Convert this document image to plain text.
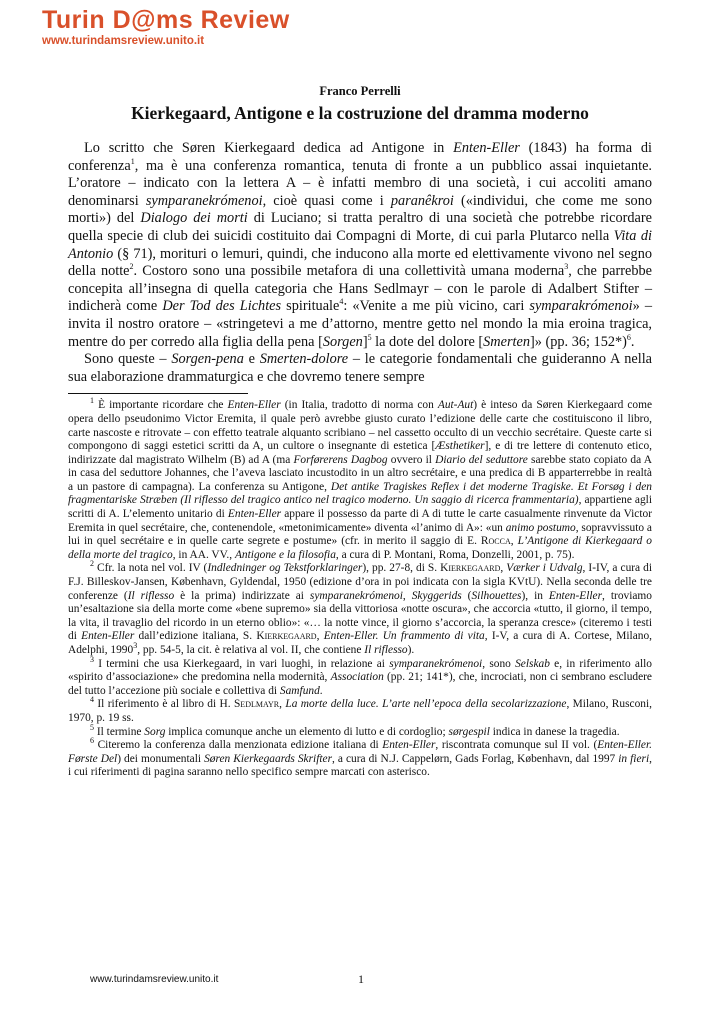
Turin D@ms Review
www.turindamsreview.unito.it
Franco Perrelli
Kierkegaard, Antigone e la costruzione del dramma moderno

Lo scritto che Søren Kierkegaard dedica ad Antigone in Enten-Eller (1843) ha forma di conferenza$^1$, ma è una conferenza romantica, tenuta di fronte a un pubblico assai inquietante. L’oratore – indicato con la lettera A – è infatti membro di una società, i cui accoliti amano denominarsi symparanekrómenoi, cioè quasi come i paranêkroi («individui, che come me sono morti») del Dialogo dei morti di Luciano; si tratta peraltro di una società che potrebbe ricordare quella specie di club dei suicidi costituito dai Compagni di Morte, di cui parla Plutarco nella Vita di Antonio (§ 71), morituri o lemuri, quindi, che inducono alla morte ed elettivamente vivono nel segno della notte$^2$. Costoro sono una possibile metafora di una collettività umana moderna$^3$, che parrebbe concepita all’insegna di quella categoria che Hans Sedlmayr – con le parole di Adalbert Stifter – indicherà come Der Tod des Lichtes spirituale$^4$: «Venite a me più vicino, cari symparakrómenoi» – invita il nostro oratore – «stringetevi a me d’attorno, mentre getto nel mondo la mia eroina tragica, mentre do per corredo alla figlia della pena [Sorgen]$^5$ la dote del dolore [Smerten]» (pp. 36; 152*)$^6$.

Sono queste – Sorgen-pena e Smerten-dolore – le categorie fondamentali che guideranno A nella sua elaborazione drammaturgica e che dovremo tenere sempre

$^1$ È importante ricordare che Enten-Eller (in Italia, tradotto di norma con Aut-Aut) è inteso da Søren Kierkegaard come opera dello pseudonimo Victor Eremita, il quale però avrebbe giusto curato l’edizione delle carte che costituiscono il libro, carte nascoste e ritrovate – con effetto teatrale alquanto scribiano – nel cassetto occulto di un vecchio secrétaire. Queste carte si compongono di saggi estetici scritti da A, un cultore o insegnante di estetica [Æsthetiker], e di tre lettere di contenuto etico, indirizzate dal magistrato Wilhelm (B) ad A (ma Forførerens Dagbog ovvero il Diario del seduttore sarebbe stato copiato da A in casa del seduttore Johannes, che l’aveva lasciato incustodito in un altro secrétaire, e una predica di B apparterrebbe in realtà a un pastore di campagna). La conferenza su Antigone, Det antike Tragiskes Reflex i det moderne Tragiske. Et Forsøg i den fragmentariske Stræben (Il riflesso del tragico antico nel tragico moderno. Un saggio di ricerca frammentaria), appartiene agli scritti di A. L’elemento unitario di Enten-Eller appare il possesso da parte di A di tutte le carte casualmente rinvenute da Victor Eremita in quel secrétaire, che, contenendole, «metonimicamente» diventa «l’animo di A»: «un animo postumo, sopravvissuto a lui in quel secrétaire e in quelle carte segrete e postume» (cfr. in merito il saggio di E. Rocca, L’Antigone di Kierkegaard o della morte del tragico, in AA. VV., Antigone e la filosofia, a cura di P. Montani, Roma, Donzelli, 2001, p. 75).

$^2$ Cfr. la nota nel vol. IV (Indledninger og Tekstforklaringer), pp. 27-8, di S. Kierkegaard, Værker i Udvalg, I-IV, a cura di F.J. Billeskov-Jansen, København, Gyldendal, 1950 (edizione d’ora in poi indicata con la sigla KVtU). Nella seconda delle tre conferenze (Il riflesso è la prima) indirizzate ai symparanekrómenoi, Skyggerids (Silhouettes), in Enten-Eller, troviamo un’esaltazione sia della morte come «bene supremo» sia della vittoriosa «notte oscura», che accorcia «tutto, il giorno, il tempo, la vita, il travaglio del ricordo in un eterno oblio»: «… la notte vince, il giorno s’accorcia, la speranza cresce» (citeremo i testi di Enten-Eller dall’edizione italiana, S. Kierkegaard, Enten-Eller. Un frammento di vita, I-V, a cura di A. Cortese, Milano, Adelphi, 1990$^3$, pp. 54-5, la cit. è relativa al vol. II, che contiene Il riflesso).

$^3$ I termini che usa Kierkegaard, in vari luoghi, in relazione ai symparanekrómenoi, sono Selskab e, in riferimento allo «spirito d’associazione» che predomina nella modernità, Association (pp. 21; 141*), che, incrociati, non ci sembrano escludere del tutto l’accezione più sociale e collettiva di Samfund.

$^4$ Il riferimento è al libro di H. Sedlmayr, La morte della luce. L’arte nell’epoca della secolarizzazione, Milano, Rusconi, 1970, p. 19 ss.

$^5$ Il termine Sorg implica comunque anche un elemento di lutto e di cordoglio; sørgespil indica in danese la tragedia.

$^6$ Citeremo la conferenza dalla menzionata edizione italiana di Enten-Eller, riscontrata comunque sul II vol. (Enten-Eller. Første Del) dei monumentali Søren Kierkegaards Skrifter, a cura di N.J. Cappelørn, Gads Forlag, København, dal 1997 in fieri, i cui riferimenti di pagina saranno nello specifico sempre marcati con asterisco.

www.turindamsreview.unito.it	1
